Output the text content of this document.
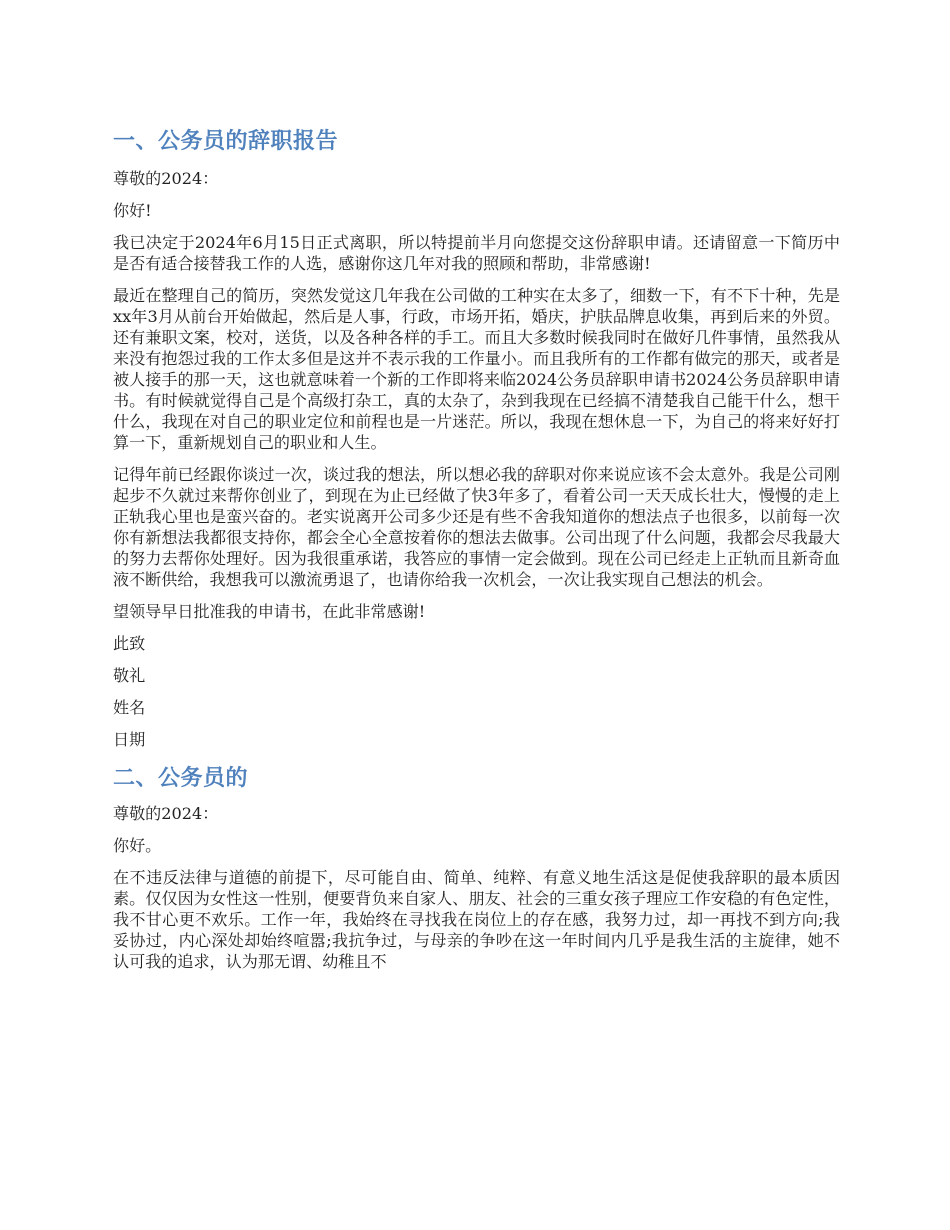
一、公务员的辞职报告

尊敬的2024：

你好!

我已决定于2024年6月15日正式离职，所以特提前半月向您提交这份辞职申请。还请留意一下简历中是否有适合接替我工作的人选，感谢你这几年对我的照顾和帮助，非常感谢!

最近在整理自己的简历，突然发觉这几年我在公司做的工种实在太多了，细数一下，有不下十种，先是xx年3月从前台开始做起，然后是人事，行政，市场开拓，婚庆，护肤品牌息收集，再到后来的外贸。还有兼职文案，校对，送货，以及各种各样的手工。而且大多数时候我同时在做好几件事情，虽然我从来没有抱怨过我的工作太多但是这并不表示我的工作量小。而且我所有的工作都有做完的那天，或者是被人接手的那一天，这也就意味着一个新的工作即将来临2024公务员辞职申请书2024公务员辞职申请书。有时候就觉得自己是个高级打杂工，真的太杂了，杂到我现在已经搞不清楚我自己能干什么，想干什么，我现在对自己的职业定位和前程也是一片迷茫。所以，我现在想休息一下，为自己的将来好好打算一下，重新规划自己的职业和人生。

记得年前已经跟你谈过一次，谈过我的想法，所以想必我的辞职对你来说应该不会太意外。我是公司刚起步不久就过来帮你创业了，到现在为止已经做了快3年多了，看着公司一天天成长壮大，慢慢的走上正轨我心里也是蛮兴奋的。老实说离开公司多少还是有些不舍我知道你的想法点子也很多，以前每一次你有新想法我都很支持你，都会全心全意按着你的想法去做事。公司出现了什么问题，我都会尽我最大的努力去帮你处理好。因为我很重承诺，我答应的事情一定会做到。现在公司已经走上正轨而且新奇血液不断供给，我想我可以激流勇退了，也请你给我一次机会，一次让我实现自己想法的机会。

望领导早日批准我的申请书，在此非常感谢!

此致

敬礼

姓名

日期

二、公务员的

尊敬的2024：

你好。

在不违反法律与道德的前提下，尽可能自由、简单、纯粹、有意义地生活这是促使我辞职的最本质因素。仅仅因为女性这一性别，便要背负来自家人、朋友、社会的三重女孩子理应工作安稳的有色定性，我不甘心更不欢乐。工作一年，我始终在寻找我在岗位上的存在感，我努力过，却一再找不到方向;我妥协过，内心深处却始终喧嚣;我抗争过，与母亲的争吵在这一年时间内几乎是我生活的主旋律，她不认可我的追求，认为那无谓、幼稚且不
